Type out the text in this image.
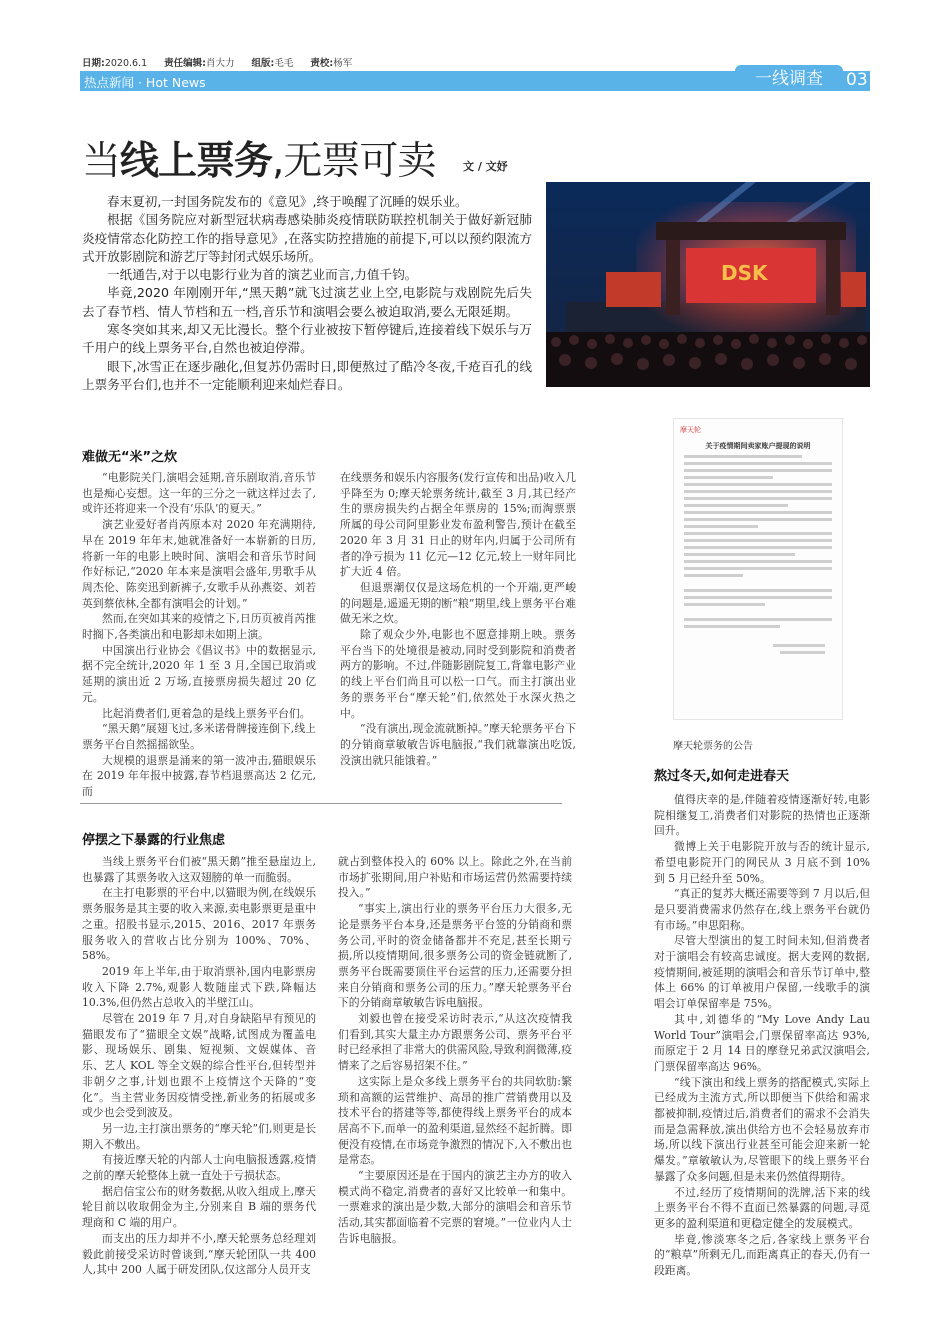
日期:2020.6.1 责任编辑:肖大力 组版:毛毛 责校:杨军
热点新闻 · Hot News	一线调查	03
当线上票务,无票可卖	文 / 文妤

春末夏初,一封国务院发布的《意见》,终于唤醒了沉睡的娱乐业。

根据《国务院应对新型冠状病毒感染肺炎疫情联防联控机制关于做好新冠肺炎疫情常态化防控工作的指导意见》,在落实防控措施的前提下,可以以预约限流方式开放影剧院和游艺厅等封闭式娱乐场所。

一纸通告,对于以电影行业为首的演艺业而言,力值千钧。

毕竟,2020 年刚刚开年,“黑天鹅”就飞过演艺业上空,电影院与戏剧院先后失去了春节档、情人节档和五一档,音乐节和演唱会要么被迫取消,要么无限延期。

寒冬突如其来,却又无比漫长。整个行业被按下暂停键后,连接着线下娱乐与万千用户的线上票务平台,自然也被迫停滞。

眼下,冰雪正在逐步融化,但复苏仍需时日,即便熬过了酷冷冬夜,千疮百孔的线上票务平台们,也并不一定能顺利迎来灿烂春日。

DSK
摩天轮
关于疫情期间卖家账户提现的说明
摩天轮票务的公告
难做无“米”之炊

“电影院关门,演唱会延期,音乐剧取消,音乐节也是痴心妄想。这一年的三分之一就这样过去了,或许还将迎来一个没有‘乐队’的夏天。”

演艺业爱好者肖芮原本对 2020 年充满期待,早在 2019 年年末,她就准备好一本崭新的日历,将新一年的电影上映时间、演唱会和音乐节时间作好标记,“2020 年本来是演唱会盛年,男歌手从周杰伦、陈奕迅到新裤子,女歌手从孙燕姿、刘若英到蔡依林,全都有演唱会的计划。”

然而,在突如其来的疫情之下,日历页被肖芮推时搁下,各类演出和电影却未如期上演。

中国演出行业协会《倡议书》中的数据显示,据不完全统计,2020 年 1 至 3 月,全国已取消或延期的演出近 2 万场,直接票房损失超过 20 亿元。

比起消费者们,更着急的是线上票务平台们。

“黑天鹅”展翅飞过,多米诺骨牌接连倒下,线上票务平台自然摇摇欲坠。

大规模的退票是涌来的第一波冲击,猫眼娱乐在 2019 年年报中披露,春节档退票高达 2 亿元,而

在线票务和娱乐内容服务(发行宣传和出品)收入几乎降至为 0;摩天轮票务统计,截至 3 月,其已经产生的票房损失约占据全年票房的 15%;而淘票票所属的母公司阿里影业发布盈利警告,预计在截至 2020 年 3 月 31 日止的财年内,归属于公司所有者的净亏损为 11 亿元—12 亿元,较上一财年同比扩大近 4 倍。

但退票潮仅仅是这场危机的一个开端,更严峻的问题是,遥遥无期的断“粮”期里,线上票务平台难做无米之炊。

除了观众少外,电影也不愿意排期上映。票务平台当下的处境很是被动,同时受到影院和消费者两方的影响。不过,伴随影剧院复工,背靠电影产业的线上平台们尚且可以松一口气。而主打演出业务的票务平台“摩天轮”们,依然处于水深火热之中。

“没有演出,现金流就断掉。”摩天轮票务平台下的分销商章敏敏告诉电脑报,“我们就靠演出吃饭,没演出就只能饿着。”

停摆之下暴露的行业焦虑

当线上票务平台们被“黑天鹅”推至悬崖边上,也暴露了其票务收入这双翅膀的单一而脆弱。

在主打电影票的平台中,以猫眼为例,在线娱乐票务服务是其主要的收入来源,卖电影票更是重中之重。招股书显示,2015、2016、2017 年票务服务收入的营收占比分别为 100%、70%、58%。

2019 年上半年,由于取消票补,国内电影票房收入下降 2.7%,观影人数随崖式下跌,降幅达 10.3%,但仍然占总收入的半壁江山。

尽管在 2019 年 7 月,对自身缺陷早有预见的猫眼发布了“猫眼全文娱”战略,试图成为覆盖电影、现场娱乐、剧集、短视频、文娱媒体、音乐、艺人 KOL 等全文娱的综合性平台,但转型并非朝夕之事,计划也跟不上疫情这个天降的“变化”。当主营业务因疫情受挫,新业务的拓展或多或少也会受到波及。

另一边,主打演出票务的“摩天轮”们,则更是长期入不敷出。

有接近摩天轮的内部人士向电脑报透露,疫情之前的摩天轮整体上就一直处于亏损状态。

据启信宝公布的财务数据,从收入组成上,摩天轮目前以收取佣金为主,分别来自 B 端的票务代理商和 C 端的用户。

而支出的压力却并不小,摩天轮票务总经理刘毅此前接受采访时曾谈到,“摩天轮团队一共 400 人,其中 200 人属于研发团队,仅这部分人员开支

就占到整体投入的 60% 以上。除此之外,在当前市场扩张期间,用户补贴和市场运营仍然需要持续投入。”

“事实上,演出行业的票务平台压力大很多,无论是票务平台本身,还是票务平台签的分销商和票务公司,平时的资金储备都并不充足,甚至长期亏损,所以疫情期间,很多票务公司的资金链就断了,票务平台既需要顶住平台运营的压力,还需要分担来自分销商和票务公司的压力。”摩天轮票务平台下的分销商章敏敏告诉电脑报。

刘毅也曾在接受采访时表示,“从这次疫情我们看到,其实大量主办方跟票务公司、票务平台平时已经承担了非常大的供需风险,导致利润微薄,疫情来了之后容易招架不住。”

这实际上是众多线上票务平台的共同软肋:繁琐和高额的运营维护、高昂的推广营销费用以及技术平台的搭建等等,都使得线上票务平台的成本居高不下,而单一的盈利渠道,显然经不起折腾。即便没有疫情,在市场竞争激烈的情况下,入不敷出也是常态。

“主要原因还是在于国内的演艺主办方的收入模式尚不稳定,消费者的喜好又比较单一和集中。一票难求的演出是少数,大部分的演唱会和音乐节活动,其实都面临着不完票的窘境。”一位业内人士告诉电脑报。

熬过冬天,如何走进春天

值得庆幸的是,伴随着疫情逐渐好转,电影院相继复工,消费者们对影院的热情也正逐渐回升。

微博上关于电影院开放与否的统计显示,希望电影院开门的网民从 3 月底不到 10% 到 5 月已经升至 50%。

“真正的复苏大概还需要等到 7 月以后,但是只要消费需求仍然存在,线上票务平台就仍有市场。”申思阳称。

尽管大型演出的复工时间未知,但消费者对于演唱会有较高忠诚度。据大麦网的数据,疫情期间,被延期的演唱会和音乐节订单中,整体上 66% 的订单被用户保留,一线歌手的演唱会订单保留率是 75%。

其中,刘德华的“My Love Andy Lau World Tour”演唱会,门票保留率高达 93%,而原定于 2 月 14 日的摩登兄弟武汉演唱会,门票保留率高达 96%。

“线下演出和线上票务的搭配模式,实际上已经成为主流方式,所以即便当下供给和需求都被抑制,疫情过后,消费者们的需求不会消失而是急需释放,演出供给方也不会轻易放弃市场,所以线下演出行业甚至可能会迎来新一轮爆发。”章敏敏认为,尽管眼下的线上票务平台暴露了众多问题,但是未来仍然值得期待。

不过,经历了疫情期间的洗牌,活下来的线上票务平台不得不直面已然暴露的问题,寻觅更多的盈利渠道和更稳定健全的发展模式。

毕竟,惨淡寒冬之后,各家线上票务平台的“粮草”所剩无几,而距离真正的春天,仍有一段距离。
